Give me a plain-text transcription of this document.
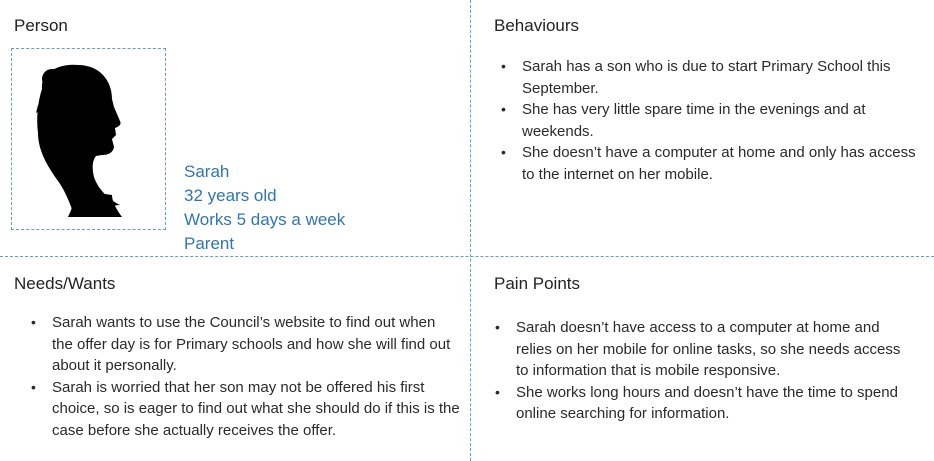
Person
Sarah
32 years old
Works 5 days a week
Parent
Behaviours
• Sarah has a son who is due to start Primary School this September.
• She has very little spare time in the evenings and at weekends.
• She doesn’t have a computer at home and only has access to the internet on her mobile.
Needs/Wants
• Sarah wants to use the Council’s website to find out when the offer day is for Primary schools and how she will find out about it personally.
• Sarah is worried that her son may not be offered his first choice, so is eager to find out what she should do if this is the case before she actually receives the offer.
Pain Points
• Sarah doesn’t have access to a computer at home and relies on her mobile for online tasks, so she needs access to information that is mobile responsive.
• She works long hours and doesn’t have the time to spend online searching for information.
